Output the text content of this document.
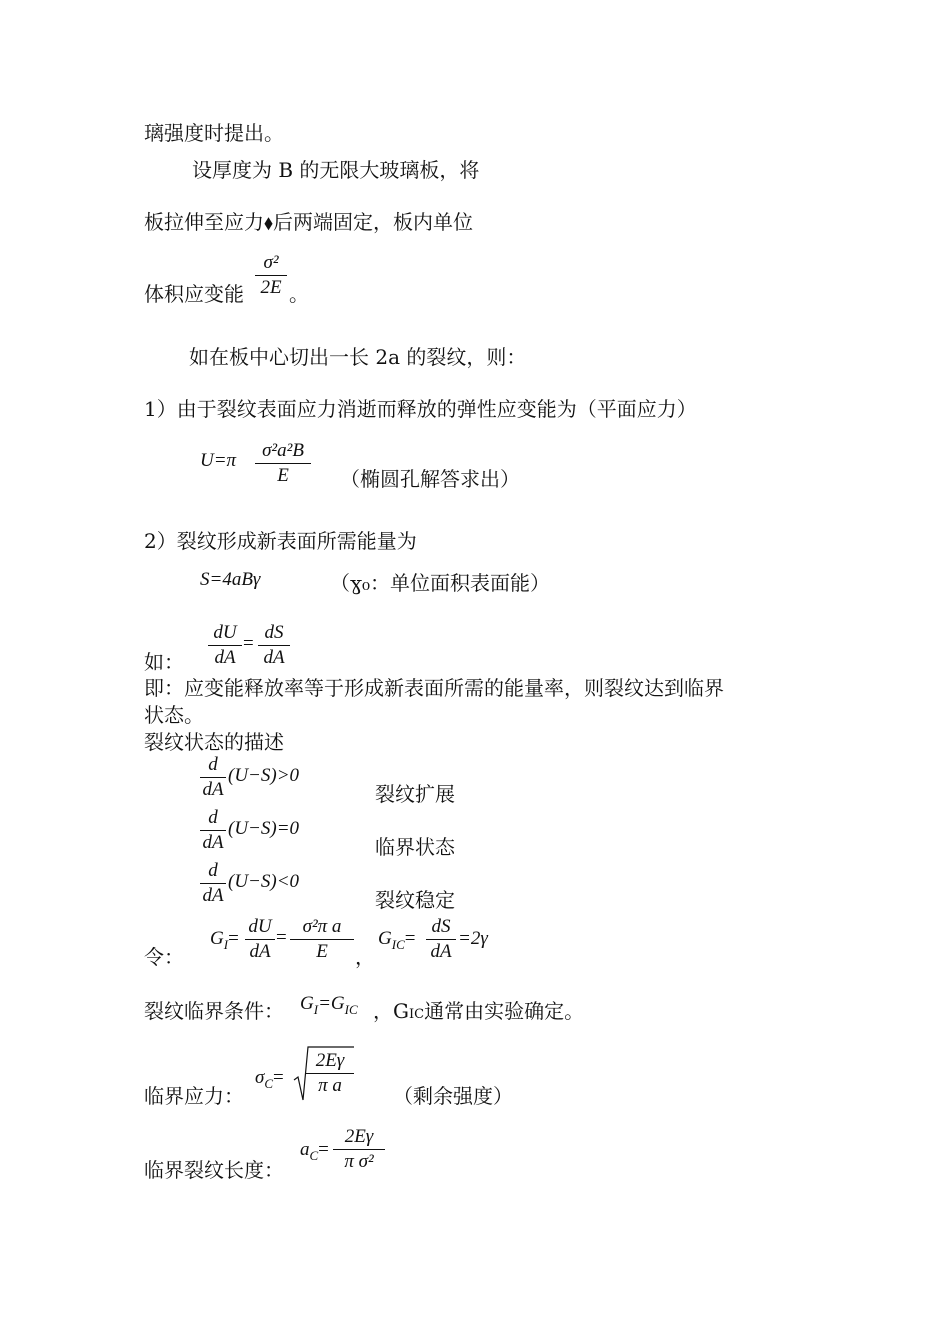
璃强度时提出。
设厚度为 B 的无限大玻璃板，将
板拉伸至应力⬧后两端固定，板内单位
体积应变能
σ²
2E 。
如在板中心切出一长 2a 的裂纹，则：
1）由于裂纹表面应力消逝而释放的弹性应变能为（平面应力）
U=π	σ²a²B
E	（椭圆孔解答求出）
2）裂纹形成新表面所需能量为
S=4aBγ	（ɣ₀：单位面积表面能）
如：
dU
dA
=
dS
dA
即：应变能释放率等于形成新表面所需的能量率，则裂纹达到临界
状态。
裂纹状态的描述
d
dA
(U−S)>0
裂纹扩展
d
dA
(U−S)=0
临界状态
d
dA
(U−S)<0
裂纹稳定
令：
$G_I=$
dU
dA
=
σ²π a
E	，
$G_{IC}=$
dS
dA
=2γ
裂纹临界条件： $G_I=G_{IC}$ ，GIC通常由实验确定。
临界应力：
$\sigma_C=$
2Eγ
π a	（剩余强度）
临界裂纹长度：
$a_C=$
2Eγ
π σ²
